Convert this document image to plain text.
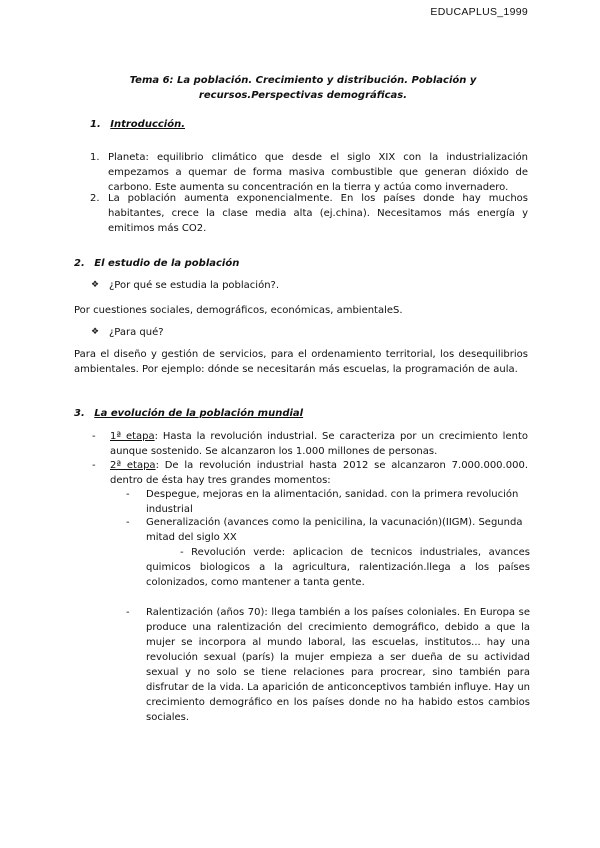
EDUCAPLUS_1999
Tema 6: La población. Crecimiento y distribución. Población y recursos.Perspectivas demográficas.
1. Introducción.
1. Planeta: equilibrio climático que desde el siglo XIX con la industrialización empezamos a quemar de forma masiva combustible que generan dióxido de carbono. Este aumenta su concentración en la tierra y actúa como invernadero.
2. La población aumenta exponencialmente. En los países donde hay muchos habitantes, crece la clase media alta (ej.china). Necesitamos más energía y emitimos más CO2.
2. El estudio de la población
❖ ¿Por qué se estudia la población?.
Por cuestiones sociales, demográficos, económicas, ambientaleS.
❖ ¿Para qué?
Para el diseño y gestión de servicios, para el ordenamiento territorial, los desequilibrios ambientales. Por ejemplo: dónde se necesitarán más escuelas, la programación de aula.
3. La evolución de la población mundial
- 1ª etapa: Hasta la revolución industrial. Se caracteriza por un crecimiento lento aunque sostenido. Se alcanzaron los 1.000 millones de personas.
- 2ª etapa: De la revolución industrial hasta 2012 se alcanzaron 7.000.000.000. dentro de ésta hay tres grandes momentos:
- Despegue, mejoras en la alimentación, sanidad. con la primera revolución industrial
- Generalización (avances como la penicilina, la vacunación)(IIGM). Segunda mitad del siglo XX
- Revolución verde: aplicacion de tecnicos industriales, avances quimicos biologicos a la agricultura, ralentización.llega a los países colonizados, como mantener a tanta gente.
- Ralentización (años 70): llega también a los países coloniales. En Europa se produce una ralentización del crecimiento demográfico, debido a que la mujer se incorpora al mundo laboral, las escuelas, institutos... hay una revolución sexual (parís) la mujer empieza a ser dueña de su actividad sexual y no solo se tiene relaciones para procrear, sino también para disfrutar de la vida. La aparición de anticonceptivos también influye. Hay un crecimiento demográfico en los países donde no ha habido estos cambios sociales.
